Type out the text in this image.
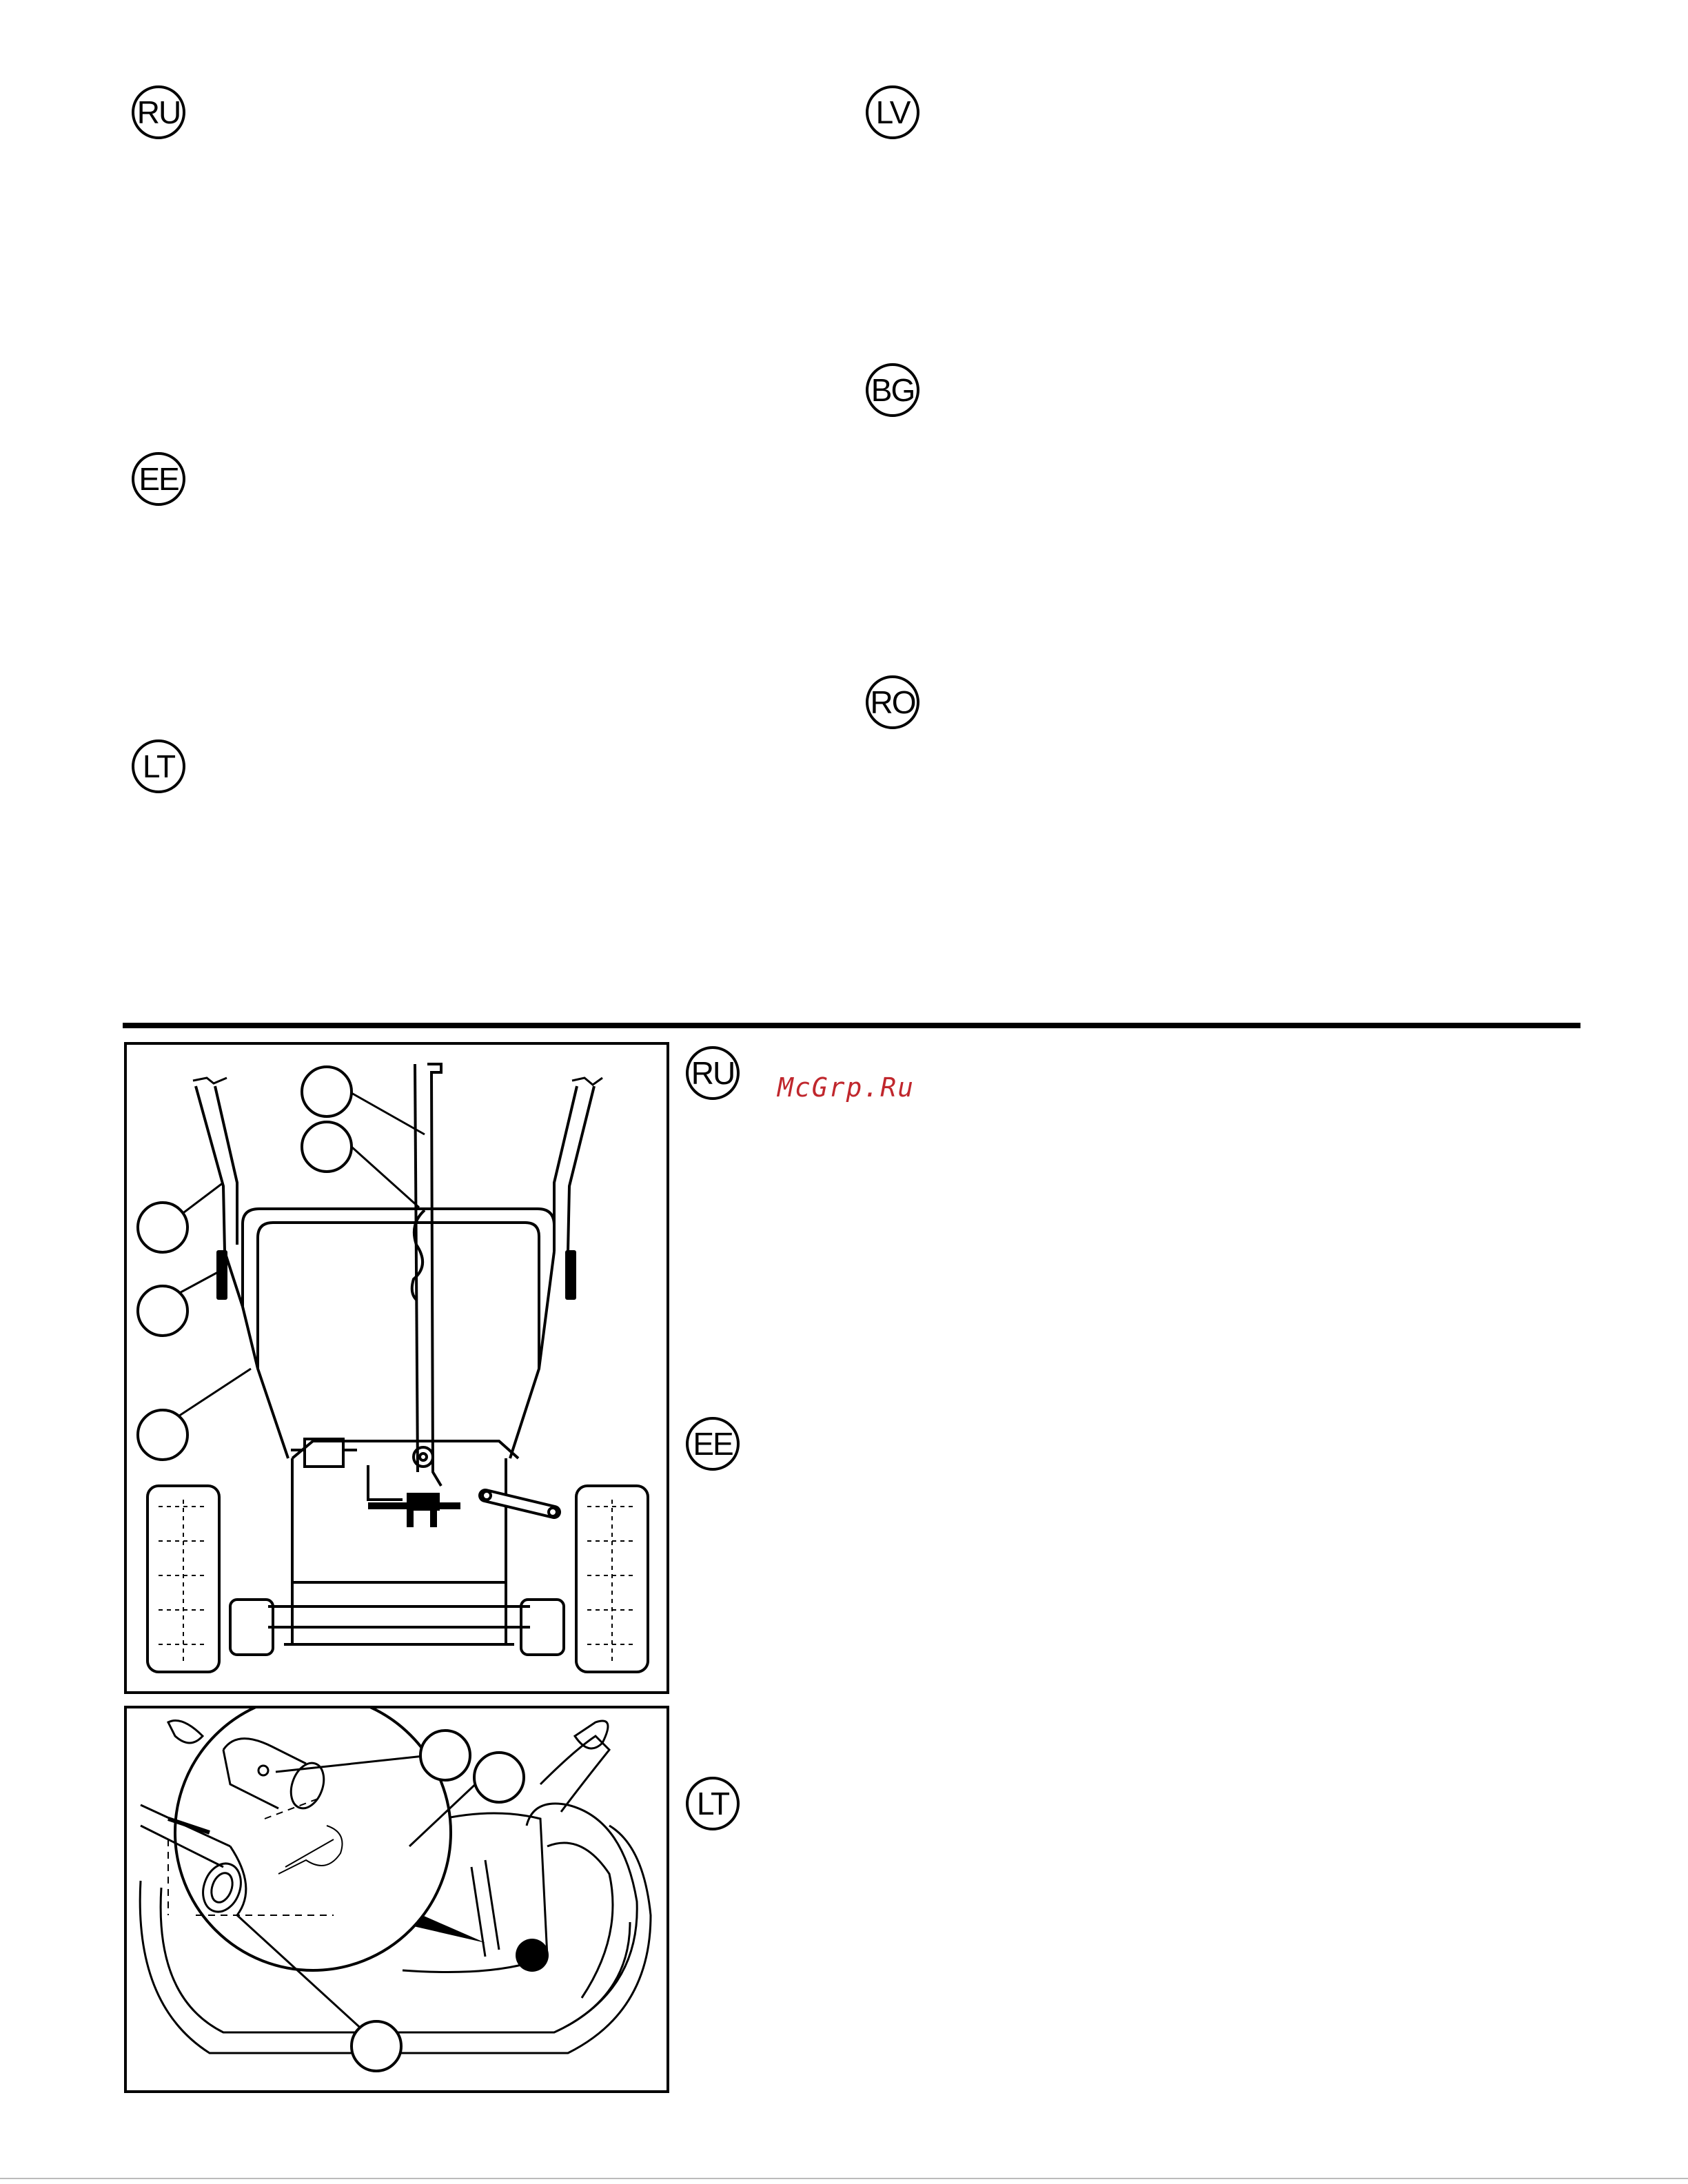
RU
EE
LT
LV
BG
RO
RU McGrp.Ru
EE
LT
